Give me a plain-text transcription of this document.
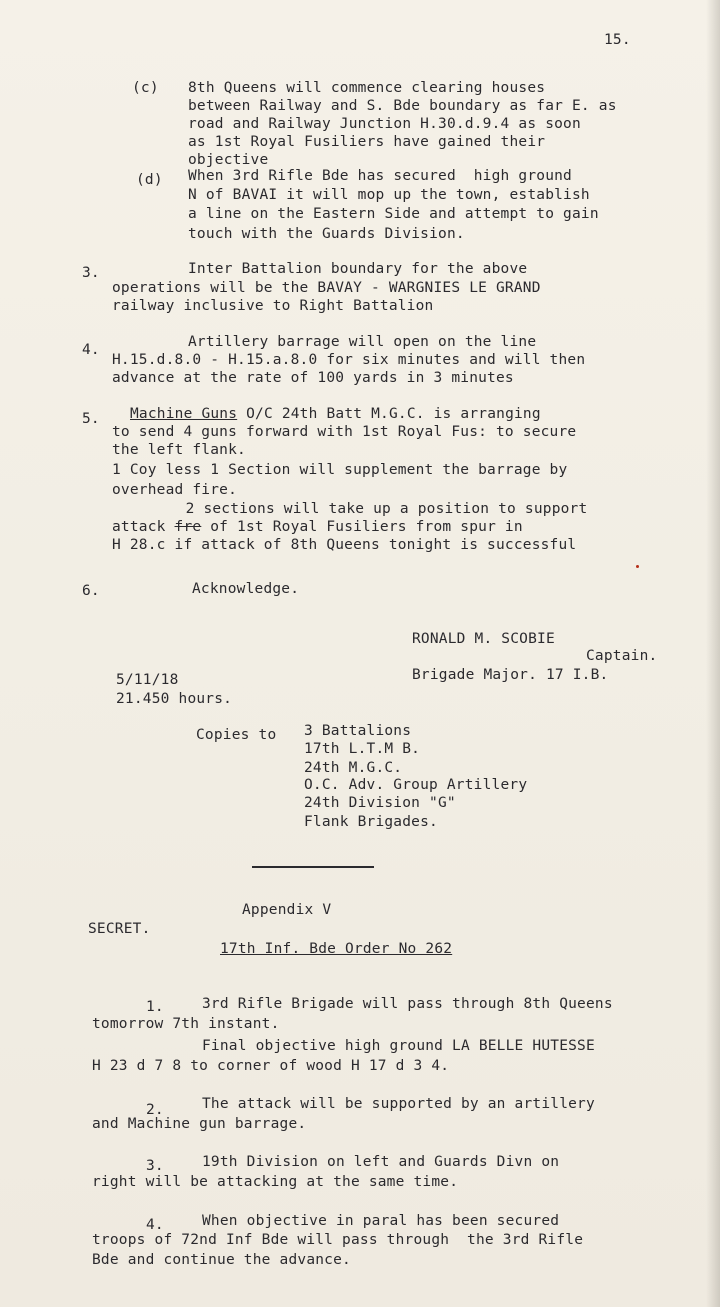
15.
(c) 8th Queens will commence clearing houses
between Railway and S. Bde boundary as far E. as
road and Railway Junction H.30.d.9.4 as soon
as 1st Royal Fusiliers have gained their
objective
(d) When 3rd Rifle Bde has secured  high ground
N of BAVAI it will mop up the town, establish
a line on the Eastern Side and attempt to gain
touch with the Guards Division.
3.	Inter Battalion boundary for the above
operations will be the BAVAY - WARGNIES LE GRAND
railway inclusive to Right Battalion
4.	Artillery barrage will open on the line
H.15.d.8.0 - H.15.a.8.0 for six minutes and will then
advance at the rate of 100 yards in 3 minutes
5. Machine Guns O/C 24th Batt M.G.C. is arranging
to send 4 guns forward with 1st Royal Fus: to secure
the left flank.
1 Coy less 1 Section will supplement the barrage by
overhead fire.
2 sections will take up a position to support
attack fre of 1st Royal Fusiliers from spur in
H 28.c if attack of 8th Queens tonight is successful
6.	Acknowledge.
RONALD M. SCOBIE
Captain.
Brigade Major. 17 I.B.
5/11/18
21.450 hours.
Copies to 3 Battalions
17th L.T.M B.
24th M.G.C.
O.C. Adv. Group Artillery
24th Division "G"
Flank Brigades.
Appendix V
SECRET.
17th Inf. Bde Order No 262
1.	3rd Rifle Brigade will pass through 8th Queens
tomorrow 7th instant.
Final objective high ground LA BELLE HUTESSE
H 23 d 7 8 to corner of wood H 17 d 3 4.
2.	The attack will be supported by an artillery
and Machine gun barrage.
3.	19th Division on left and Guards Divn on
right will be attacking at the same time.
4.	When objective in paral has been secured
troops of 72nd Inf Bde will pass through  the 3rd Rifle
Bde and continue the advance.
